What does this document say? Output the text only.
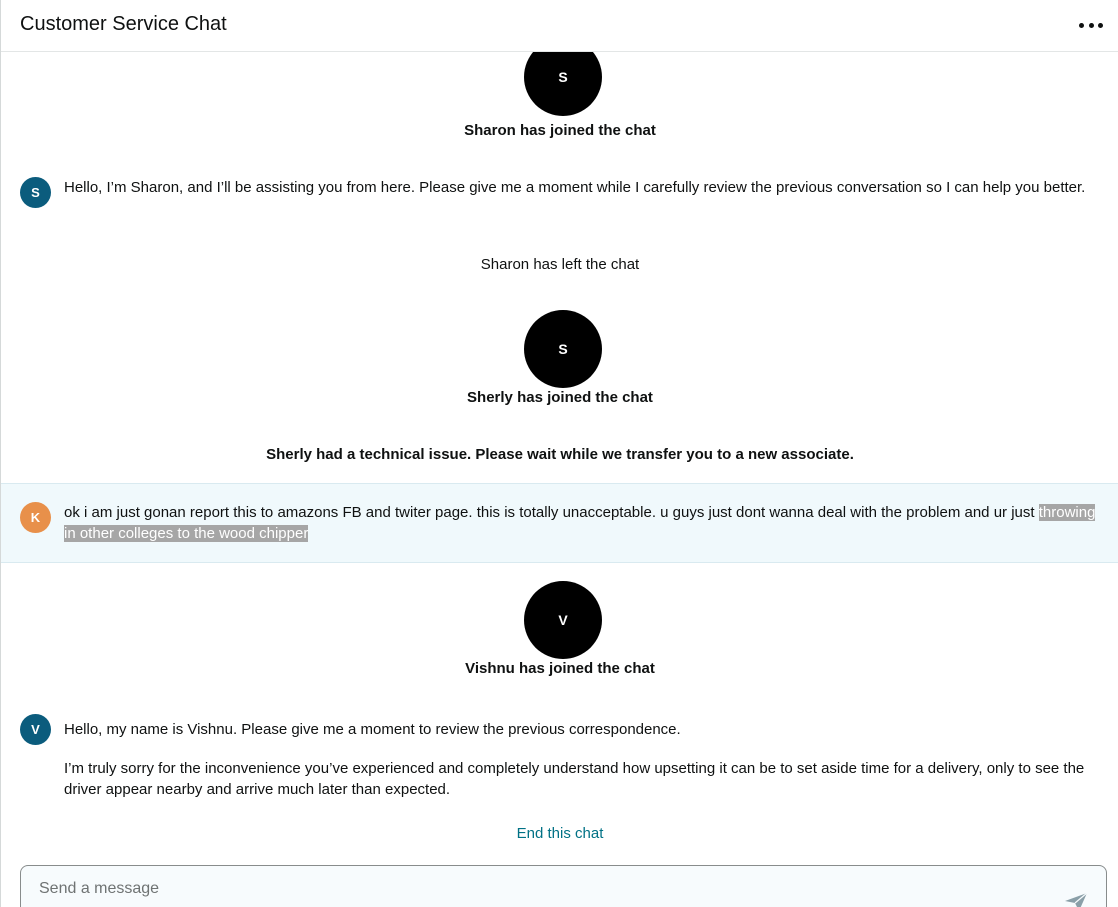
Customer Service Chat
S
Sharon has joined the chat
S Hello, I’m Sharon, and I’ll be assisting you from here. Please give me a moment while I carefully review the previous conversation so I can help you better.
Sharon has left the chat
S
Sherly has joined the chat
Sherly had a technical issue. Please wait while we transfer you to a new associate.
K ok i am just gonan report this to amazons FB and twiter page. this is totally unacceptable. u guys just dont wanna deal with the problem and ur just throwing in other colleges to the wood chipper
V
Vishnu has joined the chat
V Hello, my name is Vishnu. Please give me a moment to review the previous correspondence.
I’m truly sorry for the inconvenience you’ve experienced and completely understand how upsetting it can be to set aside time for a delivery, only to see the driver appear nearby and arrive much later than expected.
End this chat
Send a message
